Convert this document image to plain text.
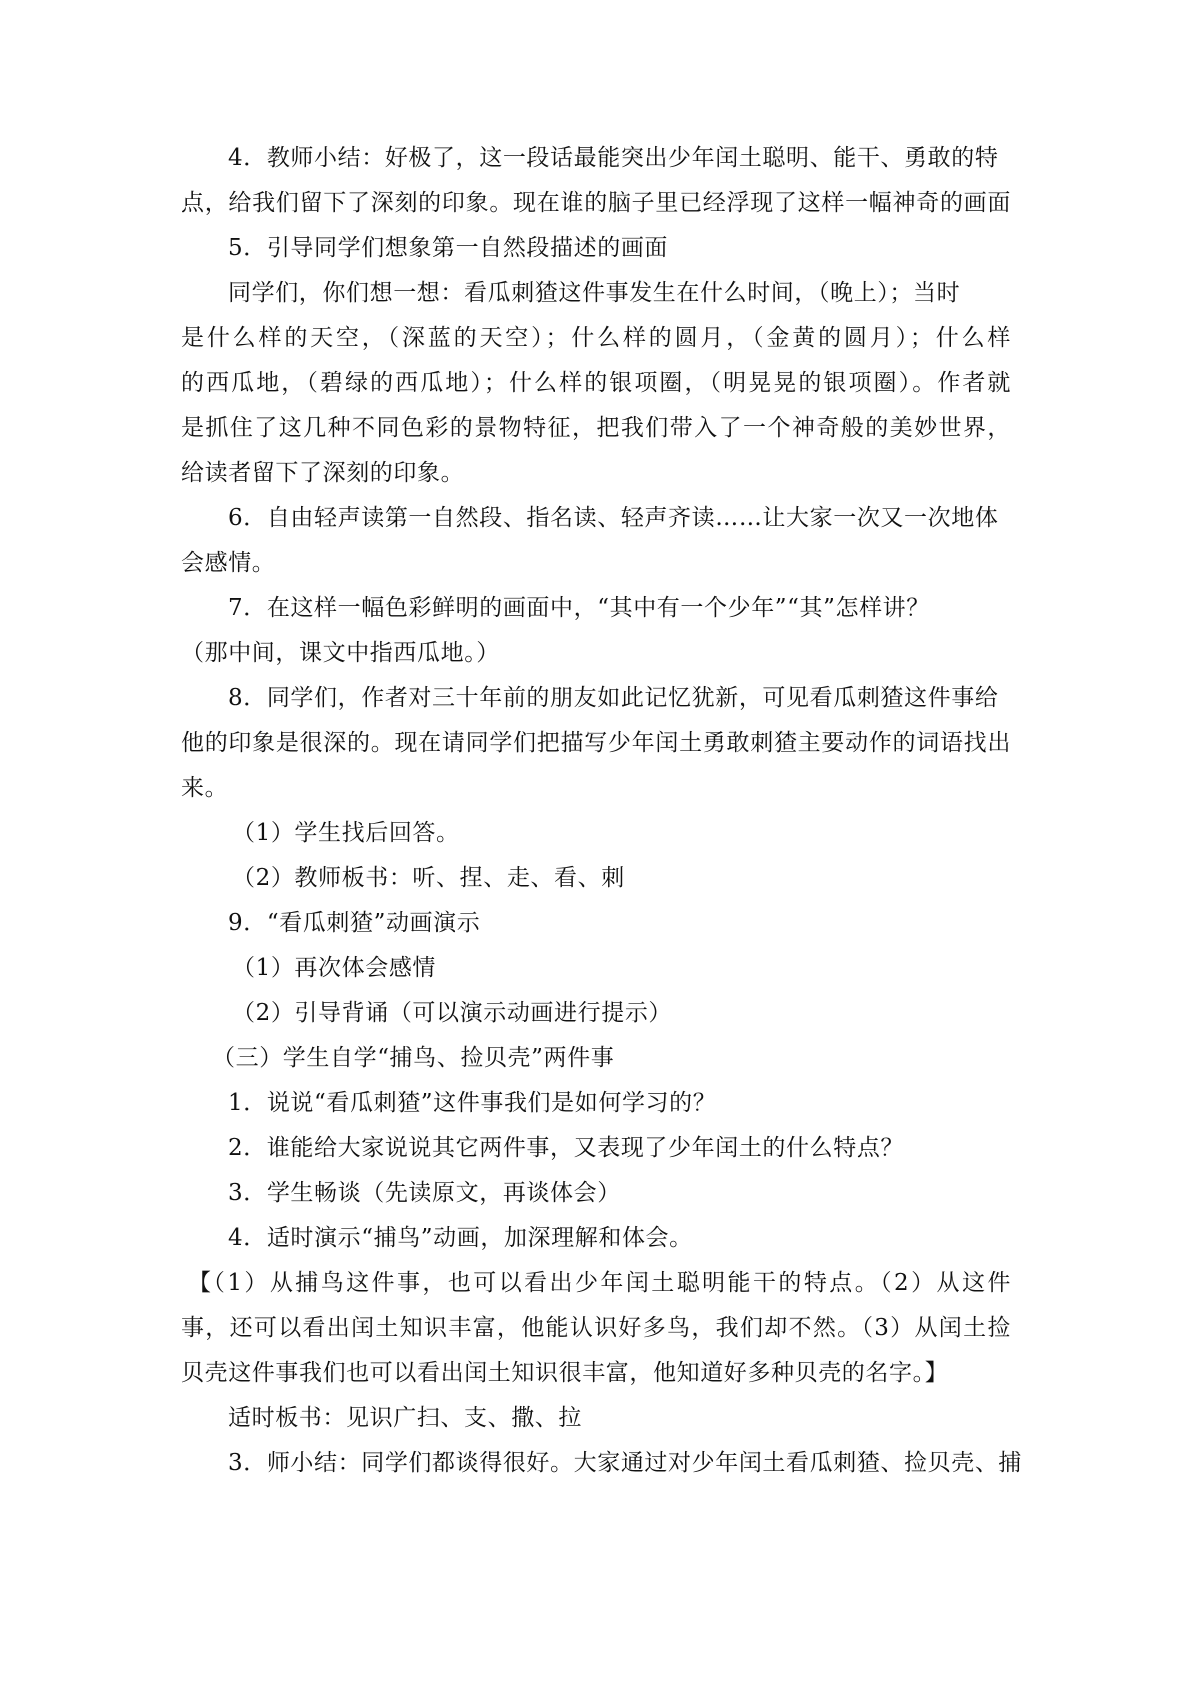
4．教师小结：好极了，这一段话最能突出少年闰土聪明、能干、勇敢的特
点，给我们留下了深刻的印象。现在谁的脑子里已经浮现了这样一幅神奇的画面
5．引导同学们想象第一自然段描述的画面
同学们，你们想一想：看瓜刺猹这件事发生在什么时间，（晚上）；当时
是什么样的天空，（深蓝的天空）；什么样的圆月，（金黄的圆月）；什么样
的西瓜地，（碧绿的西瓜地）；什么样的银项圈，（明晃晃的银项圈）。作者就
是抓住了这几种不同色彩的景物特征，把我们带入了一个神奇般的美妙世界，
给读者留下了深刻的印象。
6．自由轻声读第一自然段、指名读、轻声齐读……让大家一次又一次地体
会感情。
7．在这样一幅色彩鲜明的画面中，“其中有一个少年”“其”怎样讲？
（那中间，课文中指西瓜地。）
8．同学们，作者对三十年前的朋友如此记忆犹新，可见看瓜刺猹这件事给
他的印象是很深的。现在请同学们把描写少年闰土勇敢刺猹主要动作的词语找出
来。
（1）学生找后回答。
（2）教师板书：听、捏、走、看、刺
9．“看瓜刺猹”动画演示
（1）再次体会感情
（2）引导背诵（可以演示动画进行提示）
（三）学生自学“捕鸟、捡贝壳”两件事
1．说说“看瓜刺猹”这件事我们是如何学习的？
2．谁能给大家说说其它两件事，又表现了少年闰土的什么特点？
3．学生畅谈（先读原文，再谈体会）
4．适时演示“捕鸟”动画，加深理解和体会。
【（1）从捕鸟这件事，也可以看出少年闰土聪明能干的特点。（2）从这件
事，还可以看出闰土知识丰富，他能认识好多鸟，我们却不然。（3）从闰土捡
贝壳这件事我们也可以看出闰土知识很丰富，他知道好多种贝壳的名字。】
适时板书：见识广扫、支、撒、拉
3．师小结：同学们都谈得很好。大家通过对少年闰土看瓜刺猹、捡贝壳、捕
